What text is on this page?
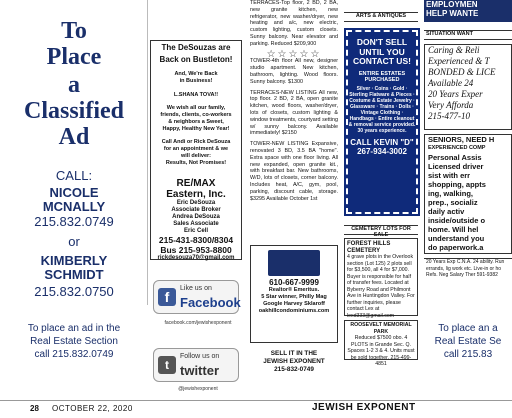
To
Place
a
Classified
Ad
CALL:
NICOLE
MCNALLY
215.832.0749
or
KIMBERLY
SCHMIDT
215.832.0750
To place an ad in the
Real Estate Section
call 215.832.0749
The DeSouzas are
Back on Bustleton!

And, We're Back
in Business!

L.SHANA TOVA!!

We wish all our family,
friends, clients, co-workers
& neighbors a Sweet,
Happy, Healthy New Year!

Call Andi or Rick DeSouza
for an appointment & we
will deliver:
Results, Not Promises!

RE/MAX
Eastern, Inc.
Eric DeSouza
Associate Broker
Andrea DeSouza
Sales Associate
Eric Cell
215-431-8300/8304
Bus 215-953-8800
rickdesouza70@gmail.com
f
Like us on
Facebook
facebook.com/jewishexponent
t
Follow us on
twitter
@jewishexponent
TERRACES-Top floor, 2 BD, 2 BA, new granite kitchen, new refrigerator, new washer/dryer, new heating and a/c, new electric, custom lighting, custom closets. Sunny balcony. Near elevator and parking. Reduced $209,900
☆☆☆☆☆
TOWER-4th floor All new, designer studio apartment. New kitchen, bathroom, lighting. Wood floors. Sunny balcony. $1300
TERRACES-NEW LISTING All new, top floor. 2 BD, 2 BA, open granite kitchen, wood floors, washer/dryer, lots of closets, custom lighting & window treatments, courtyard setting w/ sunny balcony. Available immediately! $2150
TOWER-NEW LISTING Expansive, renovated 3 BD, 3.5 BA "home". Extra space with one floor living. All new expanded, open granite kit., with breakfast bar. New bathrooms, W/D, lots of closets, corner balcony. Includes heat, A/C, gym, pool, parking, discount cable, storage. $3295 Available October 1st
610-667-9999
Realtor® Emeritus.
5 Star winner, Philly Mag
Google Harvey Sklaroff
oakhillcondominiums.com
SELL IT IN THE
JEWISH EXPONENT
215-832-0749
ARTS & ANTIQUES
DON'T SELL
UNTIL YOU
CONTACT US!
ENTIRE ESTATES
PURCHASED
Silver · Coins · Gold · Sterling Flatware & Pieces · Costume & Estate Jewelry · Glassware · Trains · Dolls · Vintage Clothing · Handbags · Entire cleanout & removal service provided. 30 years experience.
CALL KEVIN "D"
267-934-3002
CEMETERY LOTS FOR SALE
FOREST HILLS CEMETERY
4 grave plots in the Overlook section (Lot 125) 2 plots sell for $3,500, all 4 for $7,000. Buyer is responsible for half of transfer fees. Located at Byberry Road and Philmont Ave in Huntingdon Valley. For further inquiries, please contact Lex at lexd333@gmail.com
ROOSEVELT MEMORIAL PARK
Reduced $7500 obo. 4 PLOTS in Grande Sec. Q. Spaces 1-2 3 & 4. Units must be sold together. 215-499-4851
EMPLOYMEN
HELP WANTE
SITUATION WANT
Caring & Reli
Experienced & T
BONDED & LICE
Available 24
20 Years Exper
Very Afforda
215-477-10
SENIORS, NEED H
EXPERIENCED COMP
Personal Assis
Licensed driver
sist with err
shopping, appts
ing, walking,
prep., socializ
daily activ
inside/outside o
home. Will hel
understand you
do paperwork.a
20 Years Exp C.N.A. 24 ability. Run errands, lig work etc. Live-in or ho Refs. Neg Salary Ther 591-9382
To place an a
Real Estate Se
call 215.83
28 OCTOBER 22, 2020	JEWISH EXPONENT
